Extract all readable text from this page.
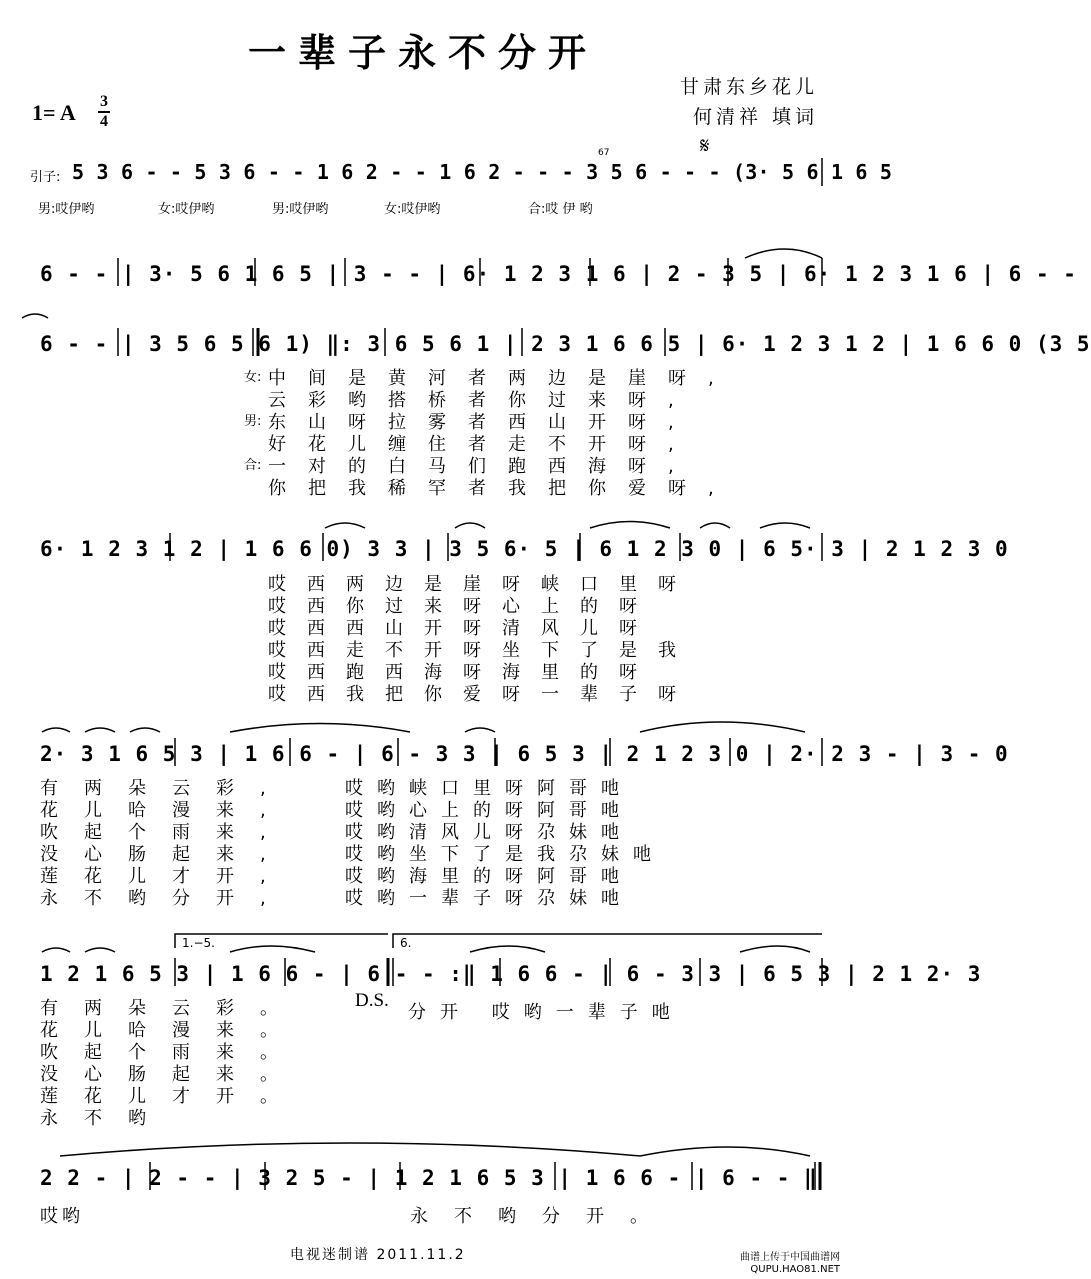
一辈子永不分开
1= A 3
4
甘肃东乡花儿
何清祥 填词
𝄋
引子:
67
5 3 6 - - 5 3 6 - - 1 6 2 - - 1 6 2 - - - 3 5 6 - - - (3· 5 6 1 6 5
男:哎伊哟	女:哎伊哟	男:哎伊哟	女:哎伊哟	合:哎 伊 哟
6 - - | 3· 5 6 1 6 5 | 3 - - | 6· 1 2 3 1 6 | 2 - 3 5 | 6· 1 2 3 1 6 | 6 - -
6 - - | 3 5 6 5 6 1) ‖: 3 6 5 6 1 | 2 3 1 6 6 5 | 6· 1 2 3 1 2 | 1 6 6 0 (3 5
女:
男:
合:
中间是黄河者两边是崖呀,
云彩哟搭桥者你过来呀,
东山呀拉雾者西山开呀,
好花儿缠住者走不开呀,
一对的白马们跑西海呀,
你把我稀罕者我把你爱呀,
6· 1 2 3 1 2 | 1 6 6 0) 3 3 | 3 5 6· 5 | 6 1 2 3 0 | 6 5· 3 | 2 1 2 3 0
哎西两边是崖呀峡口里呀
哎西你过来呀心上的呀
哎西西山开呀清风儿呀
哎西走不开呀坐下了是我
哎西跑西海呀海里的呀
哎西我把你爱呀一辈子呀
2· 3 1 6 5 3 | 1 6 6 - | 6 - 3 3 | 6 5 3 | 2 1 2 3 0 | 2· 2 3 - | 3 - 0
有两朵云彩,
花儿哈漫来,
吹起个雨来,
没心肠起来,
莲花儿才开,
永不哟分开,
哎哟峡口里呀阿哥吔
哎哟心上的呀阿哥吔
哎哟清风儿呀尕妹吔
哎哟坐下了是我尕妹吔
哎哟海里的呀阿哥吔
哎哟一辈子呀尕妹吔
1.−5.	6.
1 2 1 6 5 3 | 1 6 6 - | 6 - - :‖ 1 6 6 - | 6 - 3 3 | 6 5 3 | 2 1 2· 3
D.S.
有两朵云彩。
花儿哈漫来。
吹起个雨来。
没心肠起来。
莲花儿才开。
永不哟
分开 哎哟一辈子吔
2 2 - | 2 - - | 3 2 5 - | 1 2 1 6 5 3 | 1 6 6 - | 6 - - ‖
哎哟	永不哟分开。
电视迷制谱 2011.11.2	曲谱上传于中国曲谱网
QUPU.HAO81.NET
